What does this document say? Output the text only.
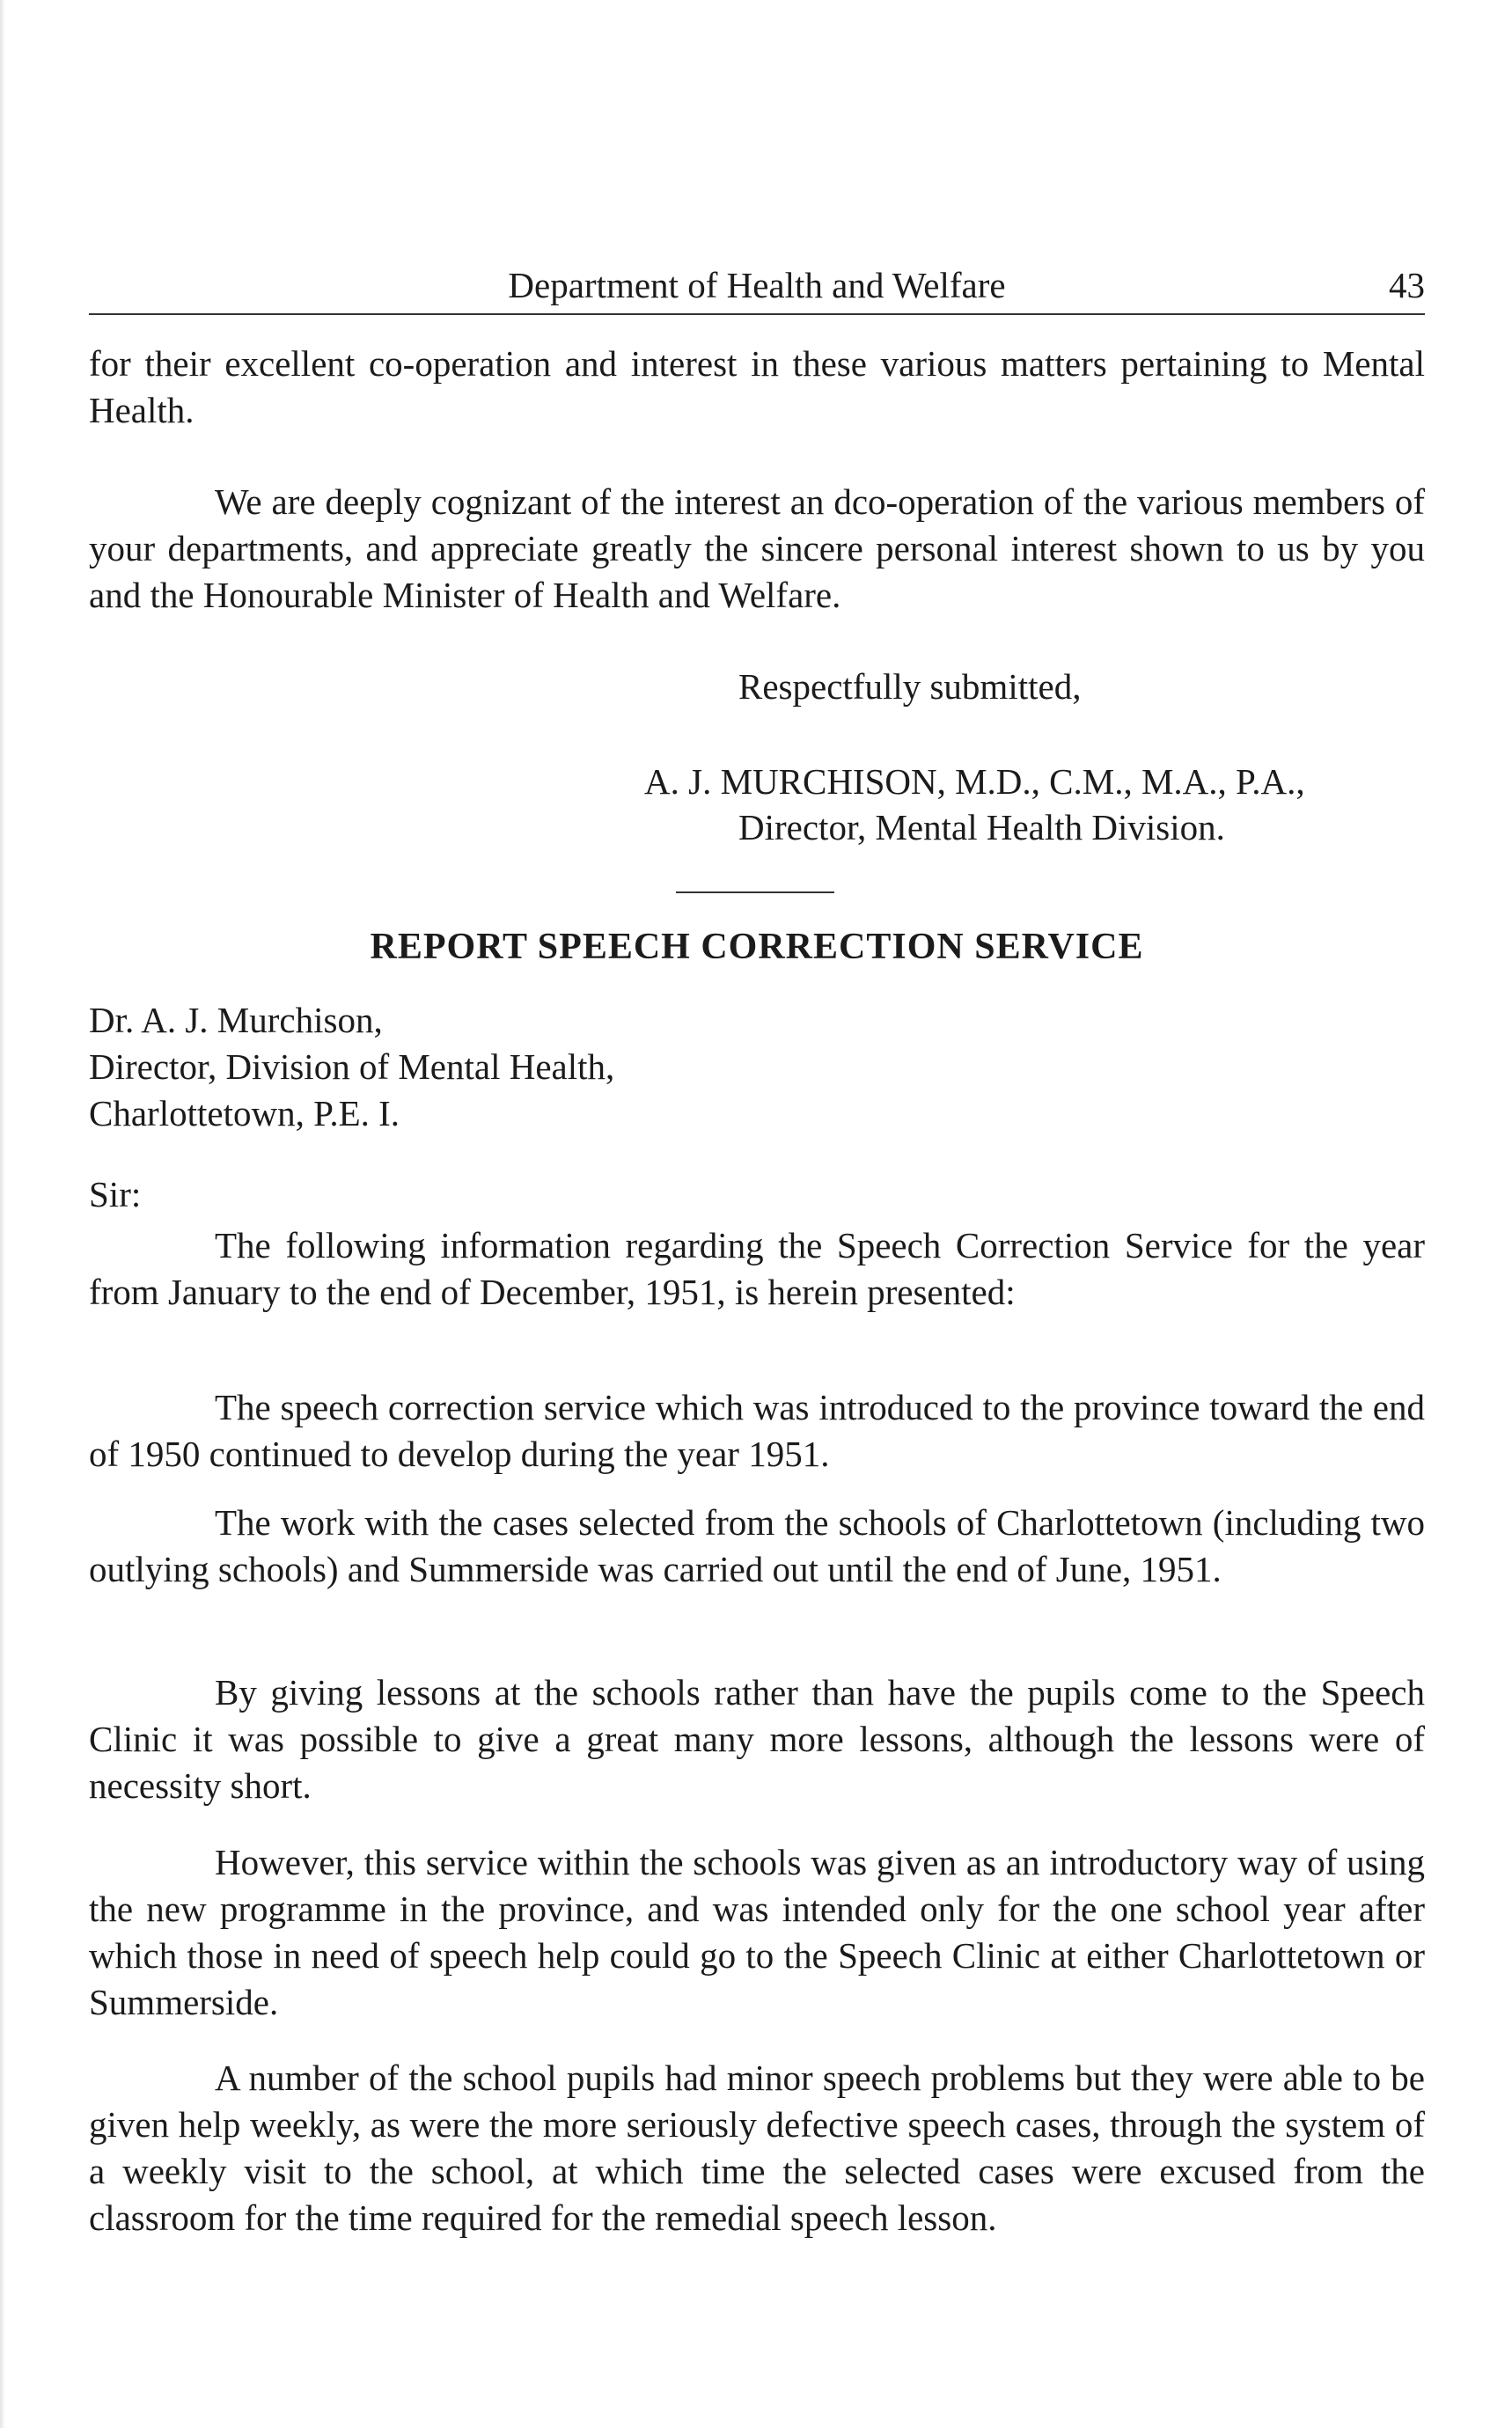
Department of Health and Welfare	43

for their excellent co-operation and interest in these various matters pertaining to Mental Health.

We are deeply cognizant of the interest an dco-operation of the various members of your departments, and appreciate greatly the sincere personal interest shown to us by you and the Honourable Minister of Health and Welfare.

Respectfully submitted,
A. J. MURCHISON, M.D., C.M., M.A., P.A.,
Director, Mental Health Division.
REPORT SPEECH CORRECTION SERVICE
Dr. A. J. Murchison,
Director, Division of Mental Health,
Charlottetown, P.E. I.
Sir:

The following information regarding the Speech Correction Service for the year from January to the end of December, 1951, is herein presented:

The speech correction service which was introduced to the province toward the end of 1950 continued to develop during the year 1951.

The work with the cases selected from the schools of Charlottetown (including two outlying schools) and Summerside was carried out until the end of June, 1951.

By giving lessons at the schools rather than have the pupils come to the Speech Clinic it was possible to give a great many more lessons, although the lessons were of necessity short.

However, this service within the schools was given as an introductory way of using the new programme in the province, and was intended only for the one school year after which those in need of speech help could go to the Speech Clinic at either Charlottetown or Summerside.

A number of the school pupils had minor speech problems but they were able to be given help weekly, as were the more seriously defective speech cases, through the system of a weekly visit to the school, at which time the selected cases were excused from the classroom for the time required for the remedial speech lesson.
